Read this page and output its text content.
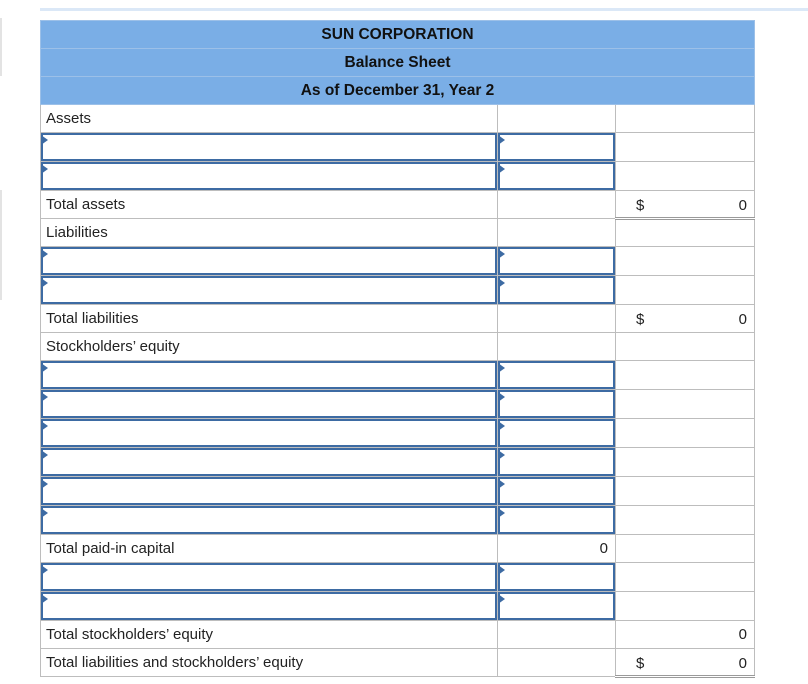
SUN CORPORATION		
Balance Sheet		
As of December 31, Year 2		
Assets		

Total assets		$ 0

Liabilities		

Total liabilities		$ 0

Stockholders’ equity		

Total paid-in capital	0	

Total stockholders’ equity		0
Total liabilities and stockholders’ equity		$ 0
